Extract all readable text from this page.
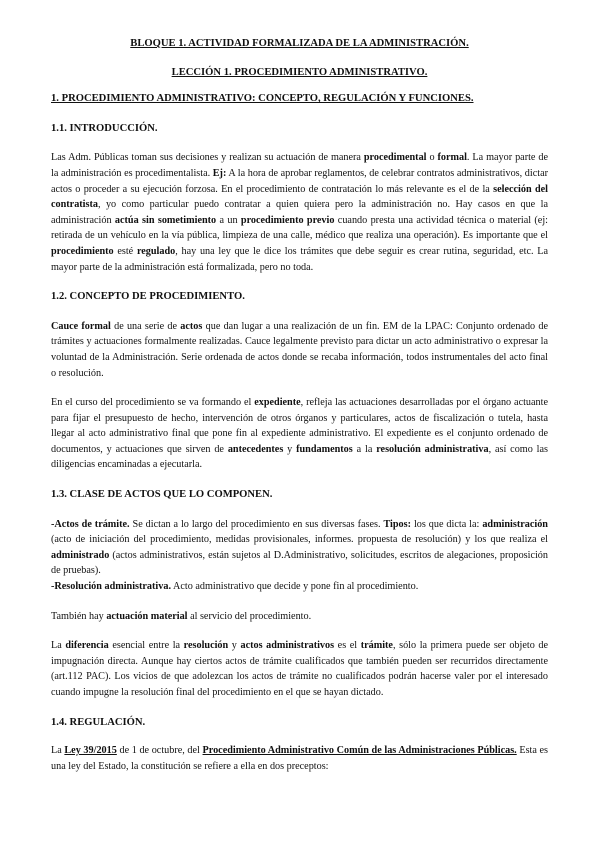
BLOQUE 1. ACTIVIDAD FORMALIZADA DE LA ADMINISTRACIÓN.
LECCIÓN 1. PROCEDIMIENTO ADMINISTRATIVO.
1. PROCEDIMIENTO ADMINISTRATIVO: CONCEPTO, REGULACIÓN Y FUNCIONES.
1.1. INTRODUCCIÓN.

Las Adm. Públicas toman sus decisiones y realizan su actuación de manera procedimental o formal. La mayor parte de la administración es procedimentalista. Ej: A la hora de aprobar reglamentos, de celebrar contratos administrativos, dictar actos o proceder a su ejecución forzosa. En el procedimiento de contratación lo más relevante es el de la selección del contratista, yo como particular puedo contratar a quien quiera pero la administración no. Hay casos en que la administración actúa sin sometimiento a un procedimiento previo cuando presta una actividad técnica o material (ej: retirada de un vehículo en la vía pública, limpieza de una calle, médico que realiza una operación). Es importante que el procedimiento esté regulado, hay una ley que le dice los trámites que debe seguir es crear rutina, seguridad, etc. La mayor parte de la administración está formalizada, pero no toda.

1.2. CONCEPTO DE PROCEDIMIENTO.

Cauce formal de una serie de actos que dan lugar a una realización de un fin. EM de la LPAC: Conjunto ordenado de trámites y actuaciones formalmente realizadas. Cauce legalmente previsto para dictar un acto administrativo o expresar la voluntad de la Administración. Serie ordenada de actos donde se recaba información, todos instrumentales del acto final o resolución.

En el curso del procedimiento se va formando el expediente, refleja las actuaciones desarrolladas por el órgano actuante para fijar el presupuesto de hecho, intervención de otros órganos y particulares, actos de fiscalización o tutela, hasta llegar al acto administrativo final que pone fin al expediente administrativo. El expediente es el conjunto ordenado de documentos, y actuaciones que sirven de antecedentes y fundamentos a la resolución administrativa, así como las diligencias encaminadas a ejecutarla.

1.3. CLASE DE ACTOS QUE LO COMPONEN.

-Actos de trámite. Se dictan a lo largo del procedimiento en sus diversas fases. Tipos: los que dicta la: administración (acto de iniciación del procedimiento, medidas provisionales, informes. propuesta de resolución) y los que realiza el administrado (actos administrativos, están sujetos al D.Administrativo, solicitudes, escritos de alegaciones, proposición de pruebas).

-Resolución administrativa. Acto administrativo que decide y pone fin al procedimiento.

También hay actuación material al servicio del procedimiento.

La diferencia esencial entre la resolución y actos administrativos es el trámite, sólo la primera puede ser objeto de impugnación directa. Aunque hay ciertos actos de trámite cualificados que también pueden ser recurridos directamente (art.112 PAC). Los vicios de que adolezcan los actos de trámite no cualificados podrán hacerse valer por el interesado cuando impugne la resolución final del procedimiento en el que se hayan dictado.

1.4. REGULACIÓN.

La Ley 39/2015 de 1 de octubre, del Procedimiento Administrativo Común de las Administraciones Públicas. Esta es una ley del Estado, la constitución se refiere a ella en dos preceptos:
